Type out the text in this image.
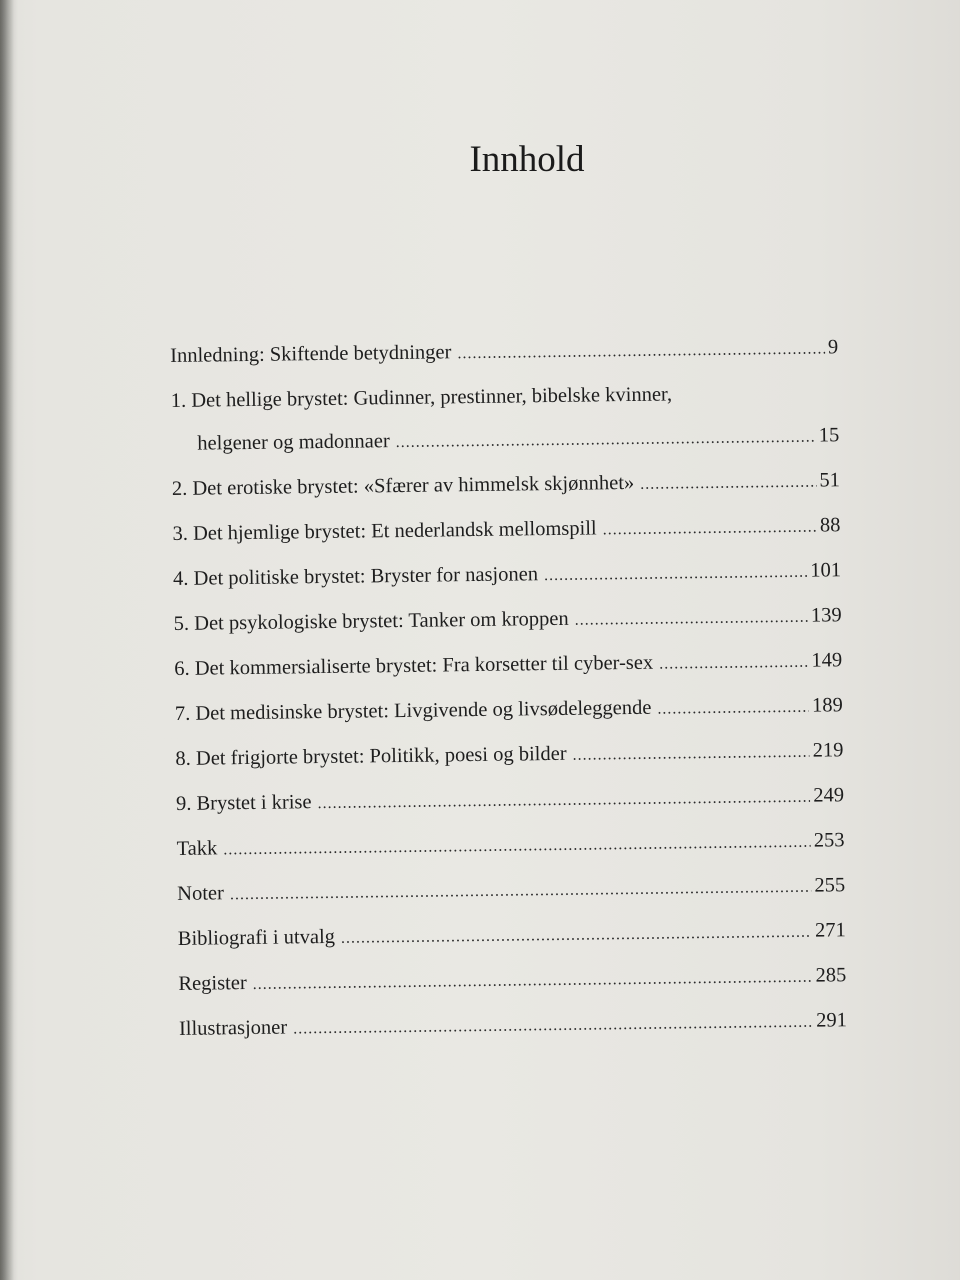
Innhold
Innledning: Skiftende betydninger .....	9
1. Det hellige brystet: Gudinner, prestinner, bibelske kvinner,
helgener og madonnaer .....	15
2. Det erotiske brystet: «Sfærer av himmelsk skjønnhet» .....	51
3. Det hjemlige brystet: Et nederlandsk mellomspill .....	88
4. Det politiske brystet: Bryster for nasjonen .....	101
5. Det psykologiske brystet: Tanker om kroppen .....	139
6. Det kommersialiserte brystet: Fra korsetter til cyber-sex .....	149
7. Det medisinske brystet: Livgivende og livsødeleggende .....	189
8. Det frigjorte brystet: Politikk, poesi og bilder .....	219
9. Brystet i krise .....	249
Takk .....	253
Noter .....	255
Bibliografi i utvalg .....	271
Register .....	285
Illustrasjoner .....	291
